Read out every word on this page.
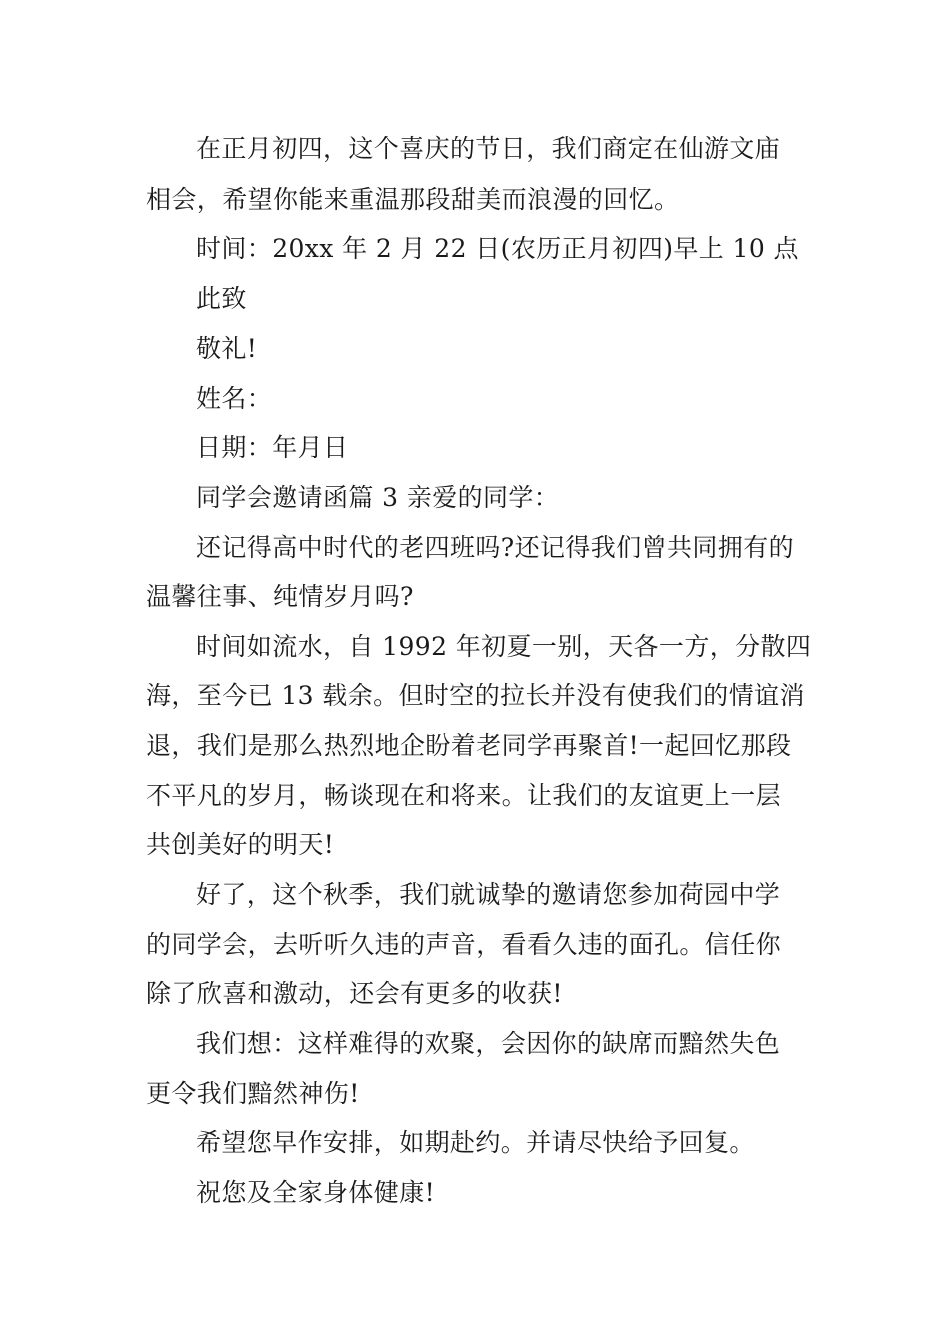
在正月初四，这个喜庆的节日，我们商定在仙游文庙
相会，希望你能来重温那段甜美而浪漫的回忆。
时间：20xx 年 2 月 22 日(农历正月初四)早上 10 点
此致
敬礼!
姓名：
日期：年月日
同学会邀请函篇 3 亲爱的同学：
还记得高中时代的老四班吗?还记得我们曾共同拥有的
温馨往事、纯情岁月吗?
时间如流水，自 1992 年初夏一别，天各一方，分散四
海，至今已 13 载余。但时空的拉长并没有使我们的情谊消
退，我们是那么热烈地企盼着老同学再聚首!一起回忆那段
不平凡的岁月，畅谈现在和将来。让我们的友谊更上一层
共创美好的明天!
好了，这个秋季，我们就诚挚的邀请您参加荷园中学
的同学会，去听听久违的声音，看看久违的面孔。信任你
除了欣喜和激动，还会有更多的收获!
我们想：这样难得的欢聚，会因你的缺席而黯然失色
更令我们黯然神伤!
希望您早作安排，如期赴约。并请尽快给予回复。
祝您及全家身体健康!
